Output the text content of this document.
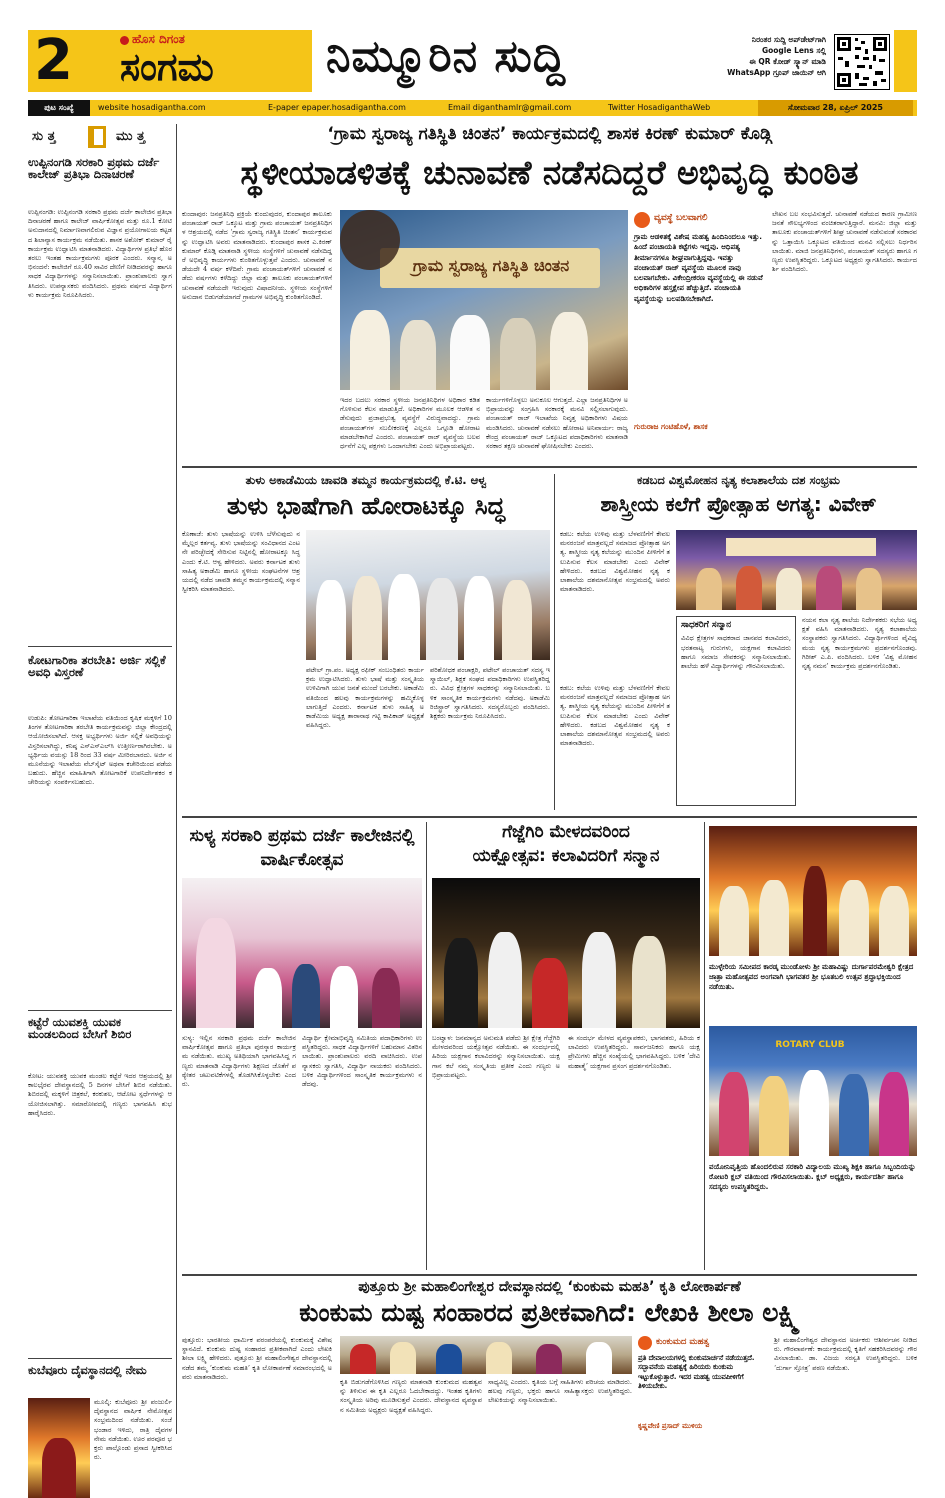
2	ಹೊಸ ದಿಗಂತ
ಸಂಗಮ	ನಿಮ್ಮೂರಿನ ಸುದ್ದಿ	ನಿರಂತರ ಸುದ್ದಿ ಅಪ್‌ಡೇಟ್‌ಗಾಗಿ
Google Lens ಸಲ್ಲಿ
ಈ QR ಕೋಡ್ ಸ್ಕ್ಯಾನ್ ಮಾಡಿ
WhatsApp ಗ್ರೂಪ್ ಜಾಯಿನ್ ಆಗಿ
ಪುಟ ಸಂಖ್ಯೆ	website hosadigantha.com	E-paper epaper.hosadigantha.com	Email diganthamlr@gmail.com	Twitter HosadiganthaWeb	ಸೋಮವಾರ 28, ಏಪ್ರಿಲ್ 2025
ಸು ತ್ತ	ಮು ತ್ತ
ಉಪ್ಪಿನಂಗಡಿ ಸರಕಾರಿ ಪ್ರಥಮ ದರ್ಜೆ ಕಾಲೇಜ್ ಪ್ರತಿಭಾ ದಿನಾಚರಣೆ
ಉಪ್ಪಿನಂಗಡಿ: ಉಪ್ಪಿನಂಗಡಿ ಸರಕಾರಿ ಪ್ರಥಮ ದರ್ಜೆ ಕಾಲೇಜಿನ ಪ್ರತಿಭಾ ದಿನಾಚರಣೆ ಹಾಗೂ ಕಾಲೇಜ್ ವಾರ್ಷಿಕೋತ್ಸವ ಮತ್ತು ರೂ.1 ಕೋಟಿ ಅನುದಾನದಲ್ಲಿ ನಿರ್ಮಾಣವಾಗಲಿರುವ ವಿಜ್ಞಾನ ಪ್ರಯೋಗಾಲಯ ಕಟ್ಟಡದ ಶಿಲಾನ್ಯಾಸ ಕಾರ್ಯಕ್ರಮ ನಡೆಯಿತು. ಶಾಸಕ ಅಶೋಕ್ ಕುಮಾರ್ ರೈ ಕಾರ್ಯಕ್ರಮ ಉದ್ಘಾಟಿಸಿ ಮಾತನಾಡಿದರು. ವಿದ್ಯಾರ್ಥಿಗಳ ಪ್ರತಿಭೆ ಹೊರತರಲು ಇಂತಹ ಕಾರ್ಯಕ್ರಮಗಳು ಪೂರಕ ಎಂದರು. ಸನ್ಮಾನ, ಅಭಿನಂದನೆ: ಕಾಲೇಜಿಗೆ ರೂ.40 ಸಾವಿರ ದೇಣಿಗೆ ನೀಡಿದವರನ್ನು ಹಾಗೂ ಸಾಧಕ ವಿದ್ಯಾರ್ಥಿಗಳನ್ನು ಸನ್ಮಾನಿಸಲಾಯಿತು. ಪ್ರಾಂಶುಪಾಲರು ಸ್ವಾಗತಿಸಿದರು. ಉಪನ್ಯಾಸಕರು ವಂದಿಸಿದರು. ಪ್ರಥಮ ವರ್ಷದ ವಿದ್ಯಾರ್ಥಿಗಳು ಕಾರ್ಯಕ್ರಮ ನಿರೂಪಿಸಿದರು.
ಕೋಟಗಾರಿಕಾ ತರಬೇತಿ: ಅರ್ಜಿ ಸಲ್ಲಿಕೆ ಅವಧಿ ವಿಸ್ತರಣೆ
ಉಡುಪಿ: ತೋಟಗಾರಿಕಾ ಇಲಾಖೆಯ ವತಿಯಿಂದ ಕೃಷಿಕ ಮಕ್ಕಳಿಗೆ 10 ತಿಂಗಳ ತೋಟಗಾರಿಕಾ ತರಬೇತಿ ಕಾರ್ಯಕ್ರಮವನ್ನು ಜಿಲ್ಲಾ ಕೇಂದ್ರದಲ್ಲಿ ಆಯೋಜಿಸಲಾಗಿದೆ. ಆಸಕ್ತ ಅಭ್ಯರ್ಥಿಗಳು ಅರ್ಜಿ ಸಲ್ಲಿಕೆ ಅವಧಿಯನ್ನು ವಿಸ್ತರಿಸಲಾಗಿದ್ದು, ಕನಿಷ್ಠ ಎಸ್‌ಎಸ್‌ಎಲ್‌ಸಿ ಉತ್ತೀರ್ಣರಾಗಿರಬೇಕು. ಅಭ್ಯರ್ಥಿಯ ವಯಸ್ಸು 18 ರಿಂದ 33 ವರ್ಷ ಮೀರಿರಬಾರದು. ಅರ್ಜಿ ನಮೂನೆಯನ್ನು ಇಲಾಖೆಯ ವೆಬ್‌ಸೈಟ್ ಅಥವಾ ಕಚೇರಿಯಿಂದ ಪಡೆಯಬಹುದು. ಹೆಚ್ಚಿನ ಮಾಹಿತಿಗಾಗಿ ತೋಟಗಾರಿಕೆ ಉಪನಿರ್ದೇಶಕರ ಕಚೇರಿಯನ್ನು ಸಂಪರ್ಕಿಸಬಹುದು.
ಕಟ್ಟೆರೆ ಯುವಶಕ್ತಿ ಯುವಕ ಮಂಡಲದಿಂದ ಬೇಸಿಗೆ ಶಿಬಿರ
ಕೋಟ: ಯುವಶಕ್ತಿ ಯುವಕ ಮಂಡಲ ಕಟ್ಟೆರೆ ಇದರ ಆಶ್ರಯದಲ್ಲಿ ಶ್ರೀ ಕಾಲಭೈರವ ದೇವಸ್ಥಾನದಲ್ಲಿ 5 ದಿನಗಳ ಬೇಸಿಗೆ ಶಿಬಿರ ನಡೆಯಿತು. ಶಿಬಿರದಲ್ಲಿ ಮಕ್ಕಳಿಗೆ ಚಿತ್ರಕಲೆ, ಕರಕುಶಲ, ಆಟೋಟ ಸ್ಪರ್ಧೆಗಳನ್ನು ಆಯೋಜಿಸಲಾಗಿತ್ತು. ಸಮಾರೋಪದಲ್ಲಿ ಗಣ್ಯರು ಭಾಗವಹಿಸಿ ಶುಭ ಹಾರೈಸಿದರು.
ಕುಬೆವೂರು ದೈವಸ್ಥಾನದಲ್ಲಿ ನೇಮ
ಮೂಲ್ಕಿ: ಕುಬೆವೂರು ಶ್ರೀ ಪಂಜುರ್ಲಿ ದೈವಸ್ಥಾನದ ವಾರ್ಷಿಕ ನೇಮೋತ್ಸವ ಸಂಭ್ರಮದಿಂದ ನಡೆಯಿತು. ಸಂಜೆ ಭಂಡಾರ ಇಳಿದು, ರಾತ್ರಿ ದೈವಗಳ ನೇಮ ನಡೆಯಿತು. ಊರ ಪರವೂರ ಭಕ್ತರು ಪಾಲ್ಗೊಂಡು ಪ್ರಸಾದ ಸ್ವೀಕರಿಸಿದರು.
‘ಗ್ರಾಮ ಸ್ವರಾಜ್ಯ ಗತಿಸ್ಥಿತಿ ಚಿಂತನ’ ಕಾರ್ಯಕ್ರಮದಲ್ಲಿ ಶಾಸಕ ಕಿರಣ್ ಕುಮಾರ್ ಕೊಡ್ಗಿ
ಸ್ಥಳೀಯಾಡಳಿತಕ್ಕೆ ಚುನಾವಣೆ ನಡೆಸದಿದ್ದರೆ ಅಭಿವೃದ್ಧಿ ಕುಂಠಿತ
ಕುಂದಾಪುರ: ಜನಪ್ರತಿನಿಧಿ ಪ್ರಕ್ರಿಯೆ ಕುಂದುವುದರ, ಕುಂದಾಪುರ ತಾಲೂಕು ಪಂಚಾಯತ್ ರಾಜ್ ಒಕ್ಕೂಟ ಮತ್ತು ಗ್ರಾಮ ಪಂಚಾಯತ್ ಜನಪ್ರತಿನಿಧಿಗಳ ಆಶ್ರಯದಲ್ಲಿ ನಡೆದ ‘ಗ್ರಾಮ ಸ್ವರಾಜ್ಯ ಗತಿಸ್ಥಿತಿ ಚಿಂತನ’ ಕಾರ್ಯಕ್ರಮವನ್ನು ಉದ್ಘಾಟಿಸಿ ಅವರು ಮಾತನಾಡಿದರು. ಕುಂದಾಪುರ ಶಾಸಕ ಎ.ಕಿರಣ್ ಕುಮಾರ್ ಕೊಡ್ಗಿ ಮಾತನಾಡಿ ಸ್ಥಳೀಯ ಸಂಸ್ಥೆಗಳಿಗೆ ಚುನಾವಣೆ ನಡೆಸದಿದ್ದರೆ ಅಭಿವೃದ್ಧಿ ಕಾರ್ಯಗಳು ಕುಂಠಿತಗೊಳ್ಳುತ್ತವೆ ಎಂದರು. ಚುನಾವಣೆ ನಡೆಯದೇ 4 ವರ್ಷ ಕಳೆದಿವೆ: ಗ್ರಾಮ ಪಂಚಾಯತ್‌ಗಳಿಗೆ ಚುನಾವಣೆ ನಡೆದು ವರ್ಷಗಳು ಕಳೆದಿದ್ದು ಜಿಲ್ಲಾ ಮತ್ತು ತಾಲೂಕು ಪಂಚಾಯತ್‌ಗಳಿಗೆ ಚುನಾವಣೆ ನಡೆಯದೇ ಇರುವುದು ವಿಷಾದನೀಯ. ಸ್ಥಳೀಯ ಸಂಸ್ಥೆಗಳಿಗೆ ಅನುದಾನ ಬಿಡುಗಡೆಯಾಗದೆ ಗ್ರಾಮಗಳ ಅಭಿವೃದ್ಧಿ ಕುಂಠಿತಗೊಂಡಿದೆ.
ಗ್ರಾಮ ಸ್ವರಾಜ್ಯ ಗತಿಸ್ಥಿತಿ ಚಿಂತನ
ಇದರ ಬದಲು ಸರಕಾರ ಸ್ಥಳೀಯ ಜನಪ್ರತಿನಿಧಿಗಳ ಅಧಿಕಾರ ಕಡಿತಗೊಳಿಸುವ ಕೆಲಸ ಮಾಡುತ್ತಿದೆ. ಅಧಿಕಾರಿಗಳ ಮೂಲಕ ಆಡಳಿತ ನಡೆಸುವುದು ಪ್ರಜಾಪ್ರಭುತ್ವ ವ್ಯವಸ್ಥೆಗೆ ವಿರುದ್ಧವಾದದ್ದು. ಗ್ರಾಮ ಪಂಚಾಯತ್‌ಗಳ ಸಬಲೀಕರಣಕ್ಕೆ ಎಲ್ಲರೂ ಒಗ್ಗೂಡಿ ಹೋರಾಟ ಮಾಡಬೇಕಾಗಿದೆ ಎಂದರು. ಪಂಚಾಯತ್ ರಾಜ್ ವ್ಯವಸ್ಥೆಯ ಬಲವರ್ಧನೆಗೆ ಎಲ್ಲ ಪಕ್ಷಗಳು ಒಂದಾಗಬೇಕು ಎಂದು ಅಭಿಪ್ರಾಯಪಟ್ಟರು.
ಕಾರ್ಯಗಳಿಗೊಳ್ಳಲು ಅನುಕೂಲ ಆಗುತ್ತದೆ. ಎಲ್ಲಾ ಜನಪ್ರತಿನಿಧಿಗಳ ಅಭಿಪ್ರಾಯವನ್ನು ಸಂಗ್ರಹಿಸಿ ಸರಕಾರಕ್ಕೆ ಮನವಿ ಸಲ್ಲಿಸಲಾಗುವುದು. ಪಂಚಾಯತ್ ರಾಜ್ ಇಲಾಖೆಯ ನಿವೃತ್ತ ಅಧಿಕಾರಿಗಳು ವಿಷಯ ಮಂಡಿಸಿದರು. ಚುನಾವಣೆ ನಡೆಸಲು ಹೋರಾಟ ಅನಿವಾರ್ಯ: ರಾಜ್ಯ ಕೇಂದ್ರ ಪಂಚಾಯತ್ ರಾಜ್ ಒಕ್ಕೂಟದ ಪದಾಧಿಕಾರಿಗಳು ಮಾತನಾಡಿ ಸರಕಾರ ತಕ್ಷಣ ಚುನಾವಣೆ ಘೋಷಿಸಬೇಕು ಎಂದರು.
ವ್ಯವಸ್ಥೆ ಬಲವಾಗಲಿ
ಗ್ರಾಮ ಆಡಳಿತಕ್ಕೆ ವಿಶೇಷ ಮಹತ್ವ ಹಿಂದಿನಿಂದಲೂ ಇತ್ತು. ಹಿಂದೆ ಪಂಚಾಯತಿ ಕಟ್ಟೆಗಳು ಇದ್ದವು. ಆಧಿಪತ್ಯ ತೀರ್ಮಾನಗಳೂ ಶೀಘ್ರವಾಗುತ್ತಿದ್ದವು. ಇವತ್ತು ಪಂಚಾಯತ್ ರಾಜ್ ವ್ಯವಸ್ಥೆಯ ಮೂಲಕ ನಾವು ಬಲವಾಗಬೇಕು. ವಿಕೇಂದ್ರೀಕರಣ ವ್ಯವಸ್ಥೆಯಲ್ಲಿ ಈ ನಡುವೆ ಅಧಿಕಾರಿಗಳ ಹಸ್ತಕ್ಷೇಪ ಹೆಚ್ಚುತ್ತಿದೆ. ಪಂಚಾಯತಿ ವ್ಯವಸ್ಥೆಯನ್ನು ಬಲಪಡಿಸಬೇಕಾಗಿದೆ.
ಗುರುರಾಜ ಗಂಟಿಹೊಳೆ, ಶಾಸಕ
ಲೇಖನ ಬಲ ಸಂಭವಿಸುತ್ತದೆ. ಚುನಾವಣೆ ನಡೆಯದ ಕಾರಣ ಗ್ರಾಮೀಣ ಜನತೆ ಸೌಲಭ್ಯಗಳಿಂದ ವಂಚಿತರಾಗುತ್ತಿದ್ದಾರೆ. ಮನವಿ: ಜಿಲ್ಲಾ ಮತ್ತು ತಾಲೂಕು ಪಂಚಾಯತ್‌ಗಳಿಗೆ ಶೀಘ್ರ ಚುನಾವಣೆ ನಡೆಸುವಂತೆ ಸರಕಾರವನ್ನು ಒತ್ತಾಯಿಸಿ ಒಕ್ಕೂಟದ ವತಿಯಿಂದ ಮನವಿ ಸಲ್ಲಿಸಲು ನಿರ್ಧರಿಸಲಾಯಿತು. ಮಾಜಿ ಜನಪ್ರತಿನಿಧಿಗಳು, ಪಂಚಾಯತ್ ಸದಸ್ಯರು ಹಾಗೂ ಗಣ್ಯರು ಉಪಸ್ಥಿತರಿದ್ದರು. ಒಕ್ಕೂಟದ ಅಧ್ಯಕ್ಷರು ಸ್ವಾಗತಿಸಿದರು. ಕಾರ್ಯದರ್ಶಿ ವಂದಿಸಿದರು.
ತುಳು ಅಕಾಡೆಮಿಯ ಚಾವಡಿ ತಮ್ಮನ ಕಾರ್ಯಕ್ರಮದಲ್ಲಿ ಕೆ.ಟಿ. ಆಳ್ವ
ತುಳು ಭಾಷೆಗಾಗಿ ಹೋರಾಟಕ್ಕೂ ಸಿದ್ಧ
ಕೊಣಾಜೆ: ತುಳು ಭಾಷೆಯನ್ನು ಉಳಿಸಿ ಬೆಳೆಸುವುದು ನಮ್ಮೆಲ್ಲರ ಕರ್ತವ್ಯ. ತುಳು ಭಾಷೆಯನ್ನು ಸಂವಿಧಾನದ ಎಂಟನೇ ಪರಿಚ್ಛೇದಕ್ಕೆ ಸೇರಿಸುವ ನಿಟ್ಟಿನಲ್ಲಿ ಹೋರಾಟಕ್ಕೂ ಸಿದ್ಧ ಎಂದು ಕೆ.ಟಿ. ಆಳ್ವ ಹೇಳಿದರು. ಅವರು ಕರ್ನಾಟಕ ತುಳು ಸಾಹಿತ್ಯ ಅಕಾಡೆಮಿ ಹಾಗೂ ಸ್ಥಳೀಯ ಸಂಘಟನೆಗಳ ಆಶ್ರಯದಲ್ಲಿ ನಡೆದ ಚಾವಡಿ ತಮ್ಮನ ಕಾರ್ಯಕ್ರಮದಲ್ಲಿ ಸನ್ಮಾನ ಸ್ವೀಕರಿಸಿ ಮಾತನಾಡಿದರು.
ಪಟೇಲ್ ಗ್ರಾ.ಪಂ. ಅಧ್ಯಕ್ಷ ರಫೀಕ್ ಸಂಬಂಧಿತರು ಕಾರ್ಯಕ್ರಮ ಉದ್ಘಾಟಿಸಿದರು. ತುಳು ಭಾಷೆ ಮತ್ತು ಸಂಸ್ಕೃತಿಯ ಉಳಿವಿಗಾಗಿ ಯುವ ಜನತೆ ಮುಂದೆ ಬರಬೇಕು. ಅಕಾಡೆಮಿ ವತಿಯಿಂದ ಹಲವು ಕಾರ್ಯಕ್ರಮಗಳನ್ನು ಹಮ್ಮಿಕೊಳ್ಳಲಾಗುತ್ತಿದೆ ಎಂದರು. ಕರ್ನಾಟಕ ತುಳು ಸಾಹಿತ್ಯ ಅಕಾಡೆಮಿಯ ಅಧ್ಯಕ್ಷ ತಾರಾನಾಥ ಗಟ್ಟಿ ಕಾಪಿಕಾಡ್ ಅಧ್ಯಕ್ಷತೆ ವಹಿಸಿದ್ದರು.
ಪರಿಶೋಧಕ ಪಂಚಾಕ್ಷರಿ, ಪಟೇಲ್ ಪಂಚಾಯತ್ ಸದಸ್ಯ ಇಸ್ಮಾಯಿಲ್, ಶಿಕ್ಷಕ ಸಂಘದ ಪದಾಧಿಕಾರಿಗಳು ಉಪಸ್ಥಿತರಿದ್ದರು. ವಿವಿಧ ಕ್ಷೇತ್ರಗಳ ಸಾಧಕರನ್ನು ಸನ್ಮಾನಿಸಲಾಯಿತು. ಬಳಿಕ ಸಾಂಸ್ಕೃತಿಕ ಕಾರ್ಯಕ್ರಮಗಳು ನಡೆದವು. ಅಕಾಡೆಮಿ ರಿಜಿಸ್ಟ್ರಾರ್ ಸ್ವಾಗತಿಸಿದರು. ಸದಸ್ಯರೊಬ್ಬರು ವಂದಿಸಿದರು. ಶಿಕ್ಷಕರು ಕಾರ್ಯಕ್ರಮ ನಿರೂಪಿಸಿದರು.
ಕಡಬದ ವಿಶ್ವಮೋಹನ ನೃತ್ಯ ಕಲಾಶಾಲೆಯ ದಶ ಸಂಭ್ರಮ
ಶಾಸ್ತ್ರೀಯ ಕಲೆಗೆ ಪ್ರೋತ್ಸಾಹ ಅಗತ್ಯ: ವಿವೇಕ್
ಕಡಬ: ಕಲೆಯ ಉಳಿವು ಮತ್ತು ಬೆಳವಣಿಗೆಗೆ ಕೇವಲ ಮನರಂಜನೆ ಮಾತ್ರವಲ್ಲದೆ ಸಮಾಜದ ಪ್ರೋತ್ಸಾಹ ಅಗತ್ಯ. ಶಾಸ್ತ್ರೀಯ ನೃತ್ಯ ಕಲೆಯನ್ನು ಮುಂದಿನ ಪೀಳಿಗೆಗೆ ತಲುಪಿಸುವ ಕೆಲಸ ಮಾಡಬೇಕು ಎಂದು ವಿವೇಕ್ ಹೇಳಿದರು. ಕಡಬದ ವಿಶ್ವಮೋಹನ ನೃತ್ಯ ಕಲಾಶಾಲೆಯ ದಶಮಾನೋತ್ಸವ ಸಂಭ್ರಮದಲ್ಲಿ ಅವರು ಮಾತನಾಡಿದರು.
ಸಾಧಕರಿಗೆ ಸನ್ಮಾನ
ವಿವಿಧ ಕ್ಷೇತ್ರಗಳ ಸಾಧಕರಾದ ಜಾನಪದ ಕಲಾವಿದರು, ಭರತನಾಟ್ಯ ಗುರುಗಳು, ಯಕ್ಷಗಾನ ಕಲಾವಿದರು ಹಾಗೂ ಸಮಾಜ ಸೇವಕರನ್ನು ಸನ್ಮಾನಿಸಲಾಯಿತು. ಶಾಲೆಯ ಹಳೆ ವಿದ್ಯಾರ್ಥಿಗಳನ್ನು ಗೌರವಿಸಲಾಯಿತು.
ನಯನ ಕಲಾ ನೃತ್ಯ ಶಾಲೆಯ ನಿರ್ದೇಶಕರು ಸಭೆಯ ಅಧ್ಯಕ್ಷತೆ ವಹಿಸಿ ಮಾತನಾಡಿದರು. ನೃತ್ಯ ಕಲಾಶಾಲೆಯ ಸಂಸ್ಥಾಪಕರು ಸ್ವಾಗತಿಸಿದರು. ವಿದ್ಯಾರ್ಥಿಗಳಿಂದ ವೈವಿಧ್ಯಮಯ ನೃತ್ಯ ಕಾರ್ಯಕ್ರಮಗಳು ಪ್ರದರ್ಶನಗೊಂಡವು. ಗಿರೀಶ್ ಎ.ಪಿ. ವಂದಿಸಿದರು. ಬಳಿಕ ‘ವಿಶ್ವ ಮೋಹನ ನೃತ್ಯ ನಮನ’ ಕಾರ್ಯಕ್ರಮ ಪ್ರದರ್ಶನಗೊಂಡಿತು.
ಕಡಬ: ಕಲೆಯ ಉಳಿವು ಮತ್ತು ಬೆಳವಣಿಗೆಗೆ ಕೇವಲ ಮನರಂಜನೆ ಮಾತ್ರವಲ್ಲದೆ ಸಮಾಜದ ಪ್ರೋತ್ಸಾಹ ಅಗತ್ಯ. ಶಾಸ್ತ್ರೀಯ ನೃತ್ಯ ಕಲೆಯನ್ನು ಮುಂದಿನ ಪೀಳಿಗೆಗೆ ತಲುಪಿಸುವ ಕೆಲಸ ಮಾಡಬೇಕು ಎಂದು ವಿವೇಕ್ ಹೇಳಿದರು. ಕಡಬದ ವಿಶ್ವಮೋಹನ ನೃತ್ಯ ಕಲಾಶಾಲೆಯ ದಶಮಾನೋತ್ಸವ ಸಂಭ್ರಮದಲ್ಲಿ ಅವರು ಮಾತನಾಡಿದರು.
ಸುಳ್ಯ ಸರಕಾರಿ ಪ್ರಥಮ ದರ್ಜೆ ಕಾಲೇಜಿನಲ್ಲಿ ವಾರ್ಷಿಕೋತ್ಸವ
ಸುಳ್ಯ: ಇಲ್ಲಿನ ಸರಕಾರಿ ಪ್ರಥಮ ದರ್ಜೆ ಕಾಲೇಜಿನ ವಾರ್ಷಿಕೋತ್ಸವ ಹಾಗೂ ಪ್ರತಿಭಾ ಪುರಸ್ಕಾರ ಕಾರ್ಯಕ್ರಮ ನಡೆಯಿತು. ಮುಖ್ಯ ಅತಿಥಿಯಾಗಿ ಭಾಗವಹಿಸಿದ್ದ ಗಣ್ಯರು ಮಾತನಾಡಿ ವಿದ್ಯಾರ್ಥಿಗಳು ಶಿಕ್ಷಣದ ಜೊತೆಗೆ ಪಠ್ಯೇತರ ಚಟುವಟಿಕೆಗಳಲ್ಲಿ ತೊಡಗಿಸಿಕೊಳ್ಳಬೇಕು ಎಂದರು.
ವಿದ್ಯಾರ್ಥಿ ಕ್ಷೇಮಾಭಿವೃದ್ಧಿ ಸಮಿತಿಯ ಪದಾಧಿಕಾರಿಗಳು ಉಪಸ್ಥಿತರಿದ್ದರು. ಸಾಧಕ ವಿದ್ಯಾರ್ಥಿಗಳಿಗೆ ಬಹುಮಾನ ವಿತರಿಸಲಾಯಿತು. ಪ್ರಾಂಶುಪಾಲರು ವರದಿ ವಾಚಿಸಿದರು. ಉಪನ್ಯಾಸಕರು ಸ್ವಾಗತಿಸಿ, ವಿದ್ಯಾರ್ಥಿ ನಾಯಕರು ವಂದಿಸಿದರು. ಬಳಿಕ ವಿದ್ಯಾರ್ಥಿಗಳಿಂದ ಸಾಂಸ್ಕೃತಿಕ ಕಾರ್ಯಕ್ರಮಗಳು ನಡೆದವು.
ಗೆಜ್ಜೆಗಿರಿ ಮೇಳದವರಿಂದ
ಯಕ್ಷೋತ್ಸವ: ಕಲಾವಿದರಿಗೆ ಸನ್ಮಾನ
ಬಂಟ್ವಾಳ: ಜನಮಾನ್ಯದ ಅನುಮತಿ ಪಡೆದು ಶ್ರೀ ಕ್ಷೇತ್ರ ಗೆಜ್ಜೆಗಿರಿ ಮೇಳದವರಿಂದ ಯಕ್ಷೋತ್ಸವ ನಡೆಯಿತು. ಈ ಸಂದರ್ಭದಲ್ಲಿ ಹಿರಿಯ ಯಕ್ಷಗಾನ ಕಲಾವಿದರನ್ನು ಸನ್ಮಾನಿಸಲಾಯಿತು. ಯಕ್ಷಗಾನ ಕಲೆ ನಮ್ಮ ಸಂಸ್ಕೃತಿಯ ಪ್ರತೀಕ ಎಂದು ಗಣ್ಯರು ಅಭಿಪ್ರಾಯಪಟ್ಟರು.
ಈ ಸಂದರ್ಭ ಮೇಳದ ವ್ಯವಸ್ಥಾಪಕರು, ಭಾಗವತರು, ಹಿರಿಯ ಕಲಾವಿದರು ಉಪಸ್ಥಿತರಿದ್ದರು. ಸಾರ್ವಜನಿಕರು ಹಾಗೂ ಯಕ್ಷಪ್ರೇಮಿಗಳು ಹೆಚ್ಚಿನ ಸಂಖ್ಯೆಯಲ್ಲಿ ಭಾಗವಹಿಸಿದ್ದರು. ಬಳಿಕ ‘ದೇವಿ ಮಹಾತ್ಮೆ’ ಯಕ್ಷಗಾನ ಪ್ರಸಂಗ ಪ್ರದರ್ಶನಗೊಂಡಿತು.
ಮುಳ್ಳೇರಿಯ ಸಮೀಪದ ಕಾರಡ್ಕ ಮುಂಡೋಳು ಶ್ರೀ ಮಹಾವಿಷ್ಣು ದುರ್ಗಾಪರಮೇಶ್ವರಿ ಕ್ಷೇತ್ರದ ಜಾತ್ರಾ ಮಹೋತ್ಸವದ ಅಂಗವಾಗಿ ಭಾಗವತರ ಶ್ರೀ ಭೂತಬಲಿ ಉತ್ಸವ ಶ್ರದ್ಧಾಭಕ್ತಿಯಿಂದ ನಡೆಯಿತು.
ROTARY CLUB
ವಯೋನಿವೃತ್ತಿಯ ಹೊಂದಲಿರುವ ಸರಕಾರಿ ವಿದ್ಯಾಲಯ ಮುಖ್ಯ ಶಿಕ್ಷಕಿ ಹಾಗೂ ಸಿಬ್ಬಂದಿಯನ್ನು ರೋಟರಿ ಕ್ಲಬ್ ವತಿಯಿಂದ ಗೌರವಿಸಲಾಯಿತು. ಕ್ಲಬ್ ಅಧ್ಯಕ್ಷರು, ಕಾರ್ಯದರ್ಶಿ ಹಾಗೂ ಸದಸ್ಯರು ಉಪಸ್ಥಿತರಿದ್ದರು.
ಪುತ್ತೂರು ಶ್ರೀ ಮಹಾಲಿಂಗೇಶ್ವರ ದೇವಸ್ಥಾನದಲ್ಲಿ ‘ಕುಂಕುಮ ಮಹತಿ’ ಕೃತಿ ಲೋಕಾರ್ಪಣೆ
ಕುಂಕುಮ ದುಷ್ಟ ಸಂಹಾರದ ಪ್ರತೀಕವಾಗಿದೆ: ಲೇಖಕಿ ಶೀಲಾ ಲಕ್ಷ್ಮಿ
ಪುತ್ತೂರು: ಭಾರತೀಯ ಧಾರ್ಮಿಕ ಪರಂಪರೆಯಲ್ಲಿ ಕುಂಕುಮಕ್ಕೆ ವಿಶೇಷ ಸ್ಥಾನವಿದೆ. ಕುಂಕುಮ ದುಷ್ಟ ಸಂಹಾರದ ಪ್ರತೀಕವಾಗಿದೆ ಎಂದು ಲೇಖಕಿ ಶೀಲಾ ಲಕ್ಷ್ಮಿ ಹೇಳಿದರು. ಪುತ್ತೂರು ಶ್ರೀ ಮಹಾಲಿಂಗೇಶ್ವರ ದೇವಸ್ಥಾನದಲ್ಲಿ ನಡೆದ ತಮ್ಮ ‘ಕುಂಕುಮ ಮಹತಿ’ ಕೃತಿ ಲೋಕಾರ್ಪಣೆ ಸಮಾರಂಭದಲ್ಲಿ ಅವರು ಮಾತನಾಡಿದರು.
ಕೃತಿ ಬಿಡುಗಡೆಗೊಳಿಸಿದ ಗಣ್ಯರು ಮಾತನಾಡಿ ಕುಂಕುಮದ ಮಹತ್ವವನ್ನು ತಿಳಿಸುವ ಈ ಕೃತಿ ಎಲ್ಲರೂ ಓದಬೇಕಾದದ್ದು. ಇಂತಹ ಕೃತಿಗಳು ಸಂಸ್ಕೃತಿಯ ಅರಿವು ಮೂಡಿಸುತ್ತವೆ ಎಂದರು. ದೇವಸ್ಥಾನದ ವ್ಯವಸ್ಥಾಪನ ಸಮಿತಿಯ ಅಧ್ಯಕ್ಷರು ಅಧ್ಯಕ್ಷತೆ ವಹಿಸಿದ್ದರು.
ಸಾಧ್ಯವಿಲ್ಲ ಎಂದರು. ಕೃತಿಯ ಬಗ್ಗೆ ಸಾಹಿತಿಗಳು ಪರಿಚಯ ಮಾಡಿದರು. ಹಲವು ಗಣ್ಯರು, ಭಕ್ತರು ಹಾಗೂ ಸಾಹಿತ್ಯಾಸಕ್ತರು ಉಪಸ್ಥಿತರಿದ್ದರು. ಲೇಖಕಿಯನ್ನು ಸನ್ಮಾನಿಸಲಾಯಿತು.
ಕುಂಕುಮದ ಮಹತ್ವ
ಪ್ರತಿ ದೇವಾಲಯಗಳಲ್ಲಿ ಕುಂಕುಮಾರ್ಚನೆ ನಡೆಯುತ್ತದೆ. ಸದ್ಭಾವನೆಯ ಮಹತ್ವಕ್ಕೆ ಹಿರಿಯರು ಕುಂಕುಮ ಇಟ್ಟುಕೊಳ್ಳುತ್ತಾರೆ. ಇದರ ಮಹತ್ವ ಯುವಪೀಳಿಗೆಗೆ ತಿಳಿಯಬೇಕು.
ಕೃಷ್ಣವೇಣಿ ಪ್ರಸಾದ್ ಮುಳಿಯ
ಶ್ರೀ ಮಹಾಲಿಂಗೇಶ್ವರ ದೇವಸ್ಥಾನದ ಅರ್ಚಕರು ಆಶೀರ್ವಚನ ನೀಡಿದರು. ಗೌರವಾರ್ಪಣೆ: ಕಾರ್ಯಕ್ರಮದಲ್ಲಿ ಕೃತಿಗೆ ಸಹಕರಿಸಿದವರನ್ನು ಗೌರವಿಸಲಾಯಿತು. ಡಾ. ವಿಜಯ ಸರಸ್ವತಿ ಉಪಸ್ಥಿತರಿದ್ದರು. ಬಳಿಕ ‘ದುರ್ಗಾ ಸ್ತೋತ್ರ’ ಪಠಣ ನಡೆಯಿತು.
